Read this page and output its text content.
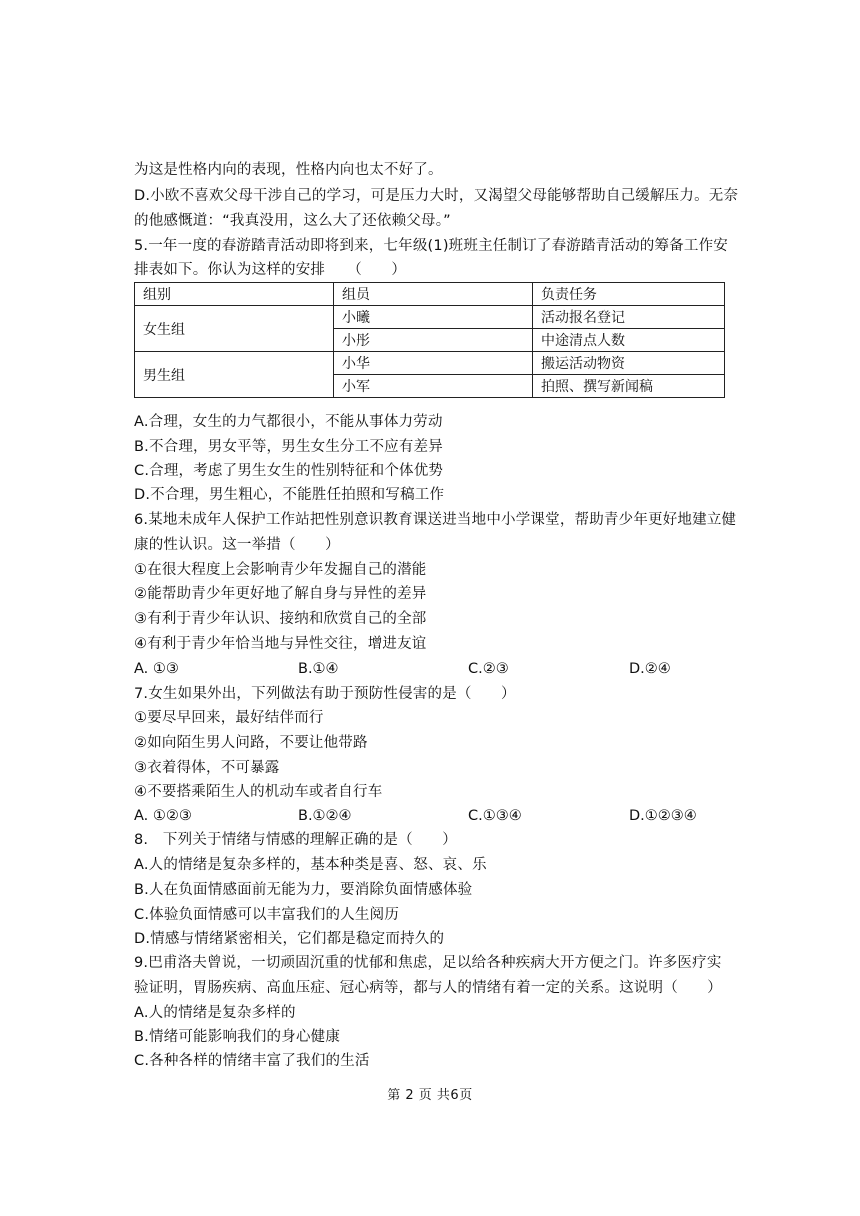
为这是性格内向的表现，性格内向也太不好了。
D.小欧不喜欢父母干涉自己的学习，可是压力大时，又渴望父母能够帮助自己缓解压力。无奈
的他感慨道：“我真没用，这么大了还依赖父母。”
5.一年一度的春游踏青活动即将到来，七年级(1)班班主任制订了春游踏青活动的筹备工作安
排表如下。你认为这样的安排　　（　　）
组别	组员	负责任务
女生组	小曦	活动报名登记
	小彤	中途清点人数
男生组	小华	搬运活动物资
	小军	拍照、撰写新闻稿
A.合理，女生的力气都很小，不能从事体力劳动
B.不合理，男女平等，男生女生分工不应有差异
C.合理，考虑了男生女生的性别特征和个体优势
D.不合理，男生粗心，不能胜任拍照和写稿工作
6.某地未成年人保护工作站把性别意识教育课送进当地中小学课堂，帮助青少年更好地建立健
康的性认识。这一举措（　　）
①在很大程度上会影响青少年发掘自己的潜能
②能帮助青少年更好地了解自身与异性的差异
③有利于青少年认识、接纳和欣赏自己的全部
④有利于青少年恰当地与异性交往，增进友谊
A. ①③	B.①④	C.②③	D.②④
7.女生如果外出，下列做法有助于预防性侵害的是（　　）
①要尽早回来，最好结伴而行
②如向陌生男人问路，不要让他带路
③衣着得体，不可暴露
④不要搭乘陌生人的机动车或者自行车
A. ①②③	B.①②④	C.①③④	D.①②③④
8.　下列关于情绪与情感的理解正确的是（　　）
A.人的情绪是复杂多样的，基本种类是喜、怒、哀、乐
B.人在负面情感面前无能为力，要消除负面情感体验
C.体验负面情感可以丰富我们的人生阅历
D.情感与情绪紧密相关，它们都是稳定而持久的
9.巴甫洛夫曾说，一切顽固沉重的忧郁和焦虑，足以给各种疾病大开方便之门。许多医疗实
验证明，胃肠疾病、高血压症、冠心病等，都与人的情绪有着一定的关系。这说明（　　）
A.人的情绪是复杂多样的
B.情绪可能影响我们的身心健康
C.各种各样的情绪丰富了我们的生活
第 2 页 共6页
